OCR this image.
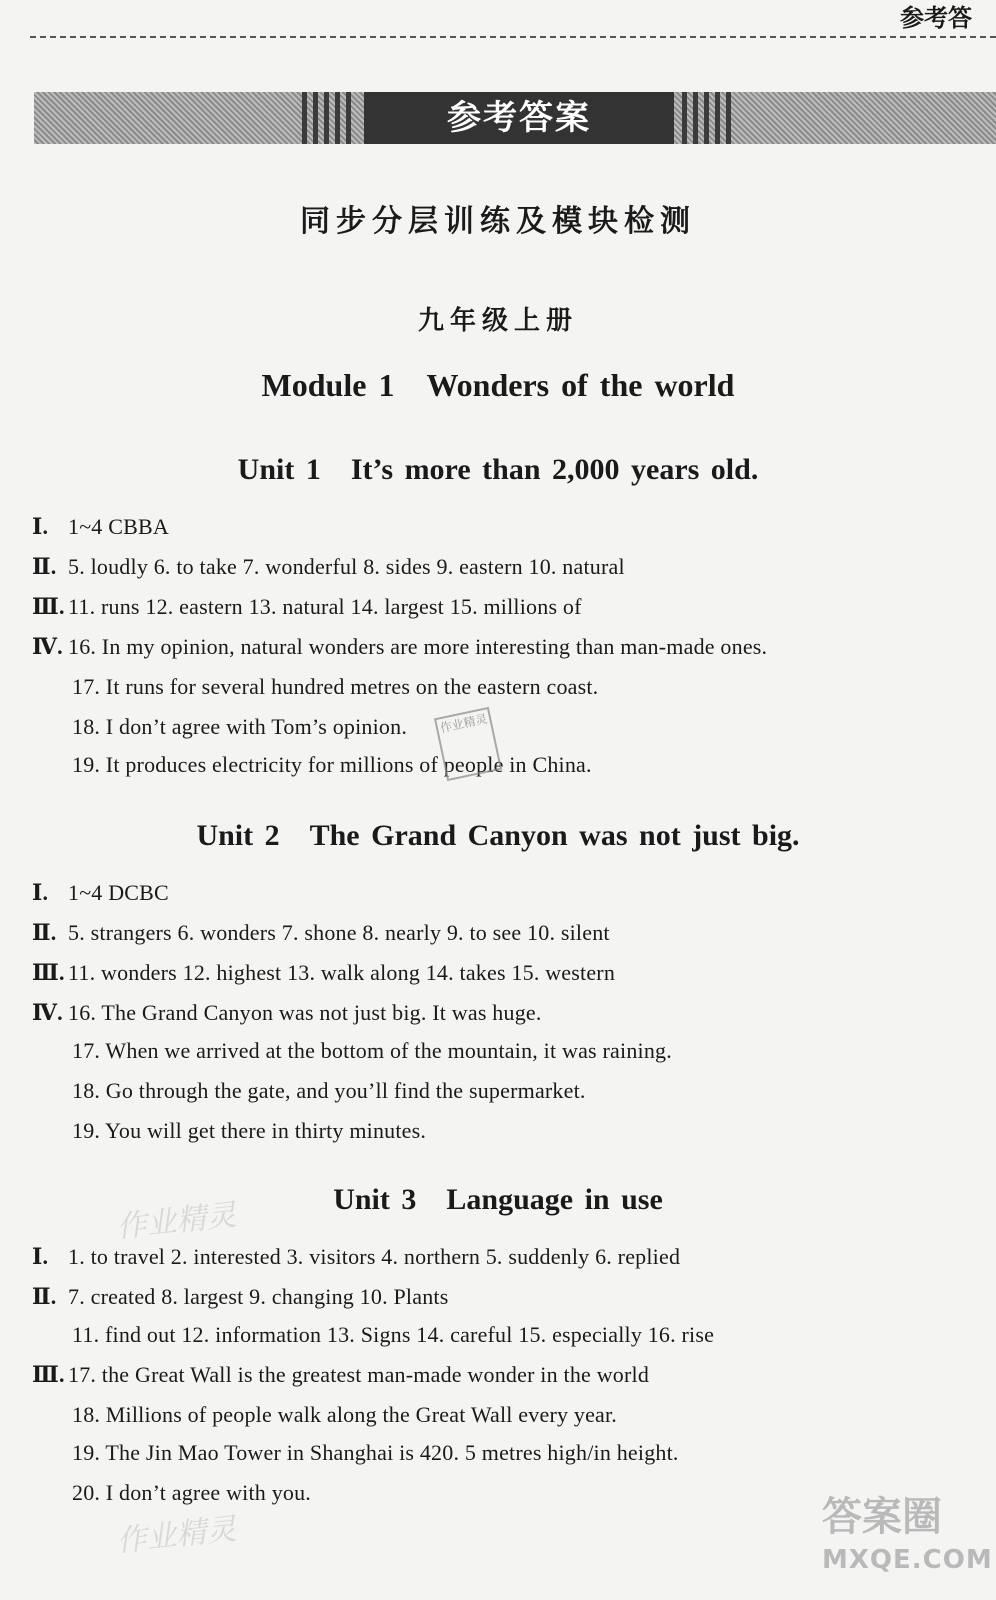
参考答
参考答案
同步分层训练及模块检测
九年级上册
Module 1　Wonders of the world
Unit 1　It’s more than 2,000 years old.
Ⅰ. 1~4 CBBA
Ⅱ. 5. loudly 6. to take 7. wonderful 8. sides 9. eastern 10. natural
Ⅲ. 11. runs 12. eastern 13. natural 14. largest 15. millions of
Ⅳ. 16. In my opinion, natural wonders are more interesting than man-made ones.
17. It runs for several hundred metres on the eastern coast.
18. I don’t agree with Tom’s opinion.
19. It produces electricity for millions of people in China.
Unit 2　The Grand Canyon was not just big.
Ⅰ. 1~4 DCBC
Ⅱ. 5. strangers 6. wonders 7. shone 8. nearly 9. to see 10. silent
Ⅲ. 11. wonders 12. highest 13. walk along 14. takes 15. western
Ⅳ. 16. The Grand Canyon was not just big. It was huge.
17. When we arrived at the bottom of the mountain, it was raining.
18. Go through the gate, and you’ll find the supermarket.
19. You will get there in thirty minutes.
Unit 3　Language in use
Ⅰ. 1. to travel 2. interested 3. visitors 4. northern 5. suddenly 6. replied
Ⅱ. 7. created 8. largest 9. changing 10. Plants
11. find out 12. information 13. Signs 14. careful 15. especially 16. rise
Ⅲ. 17. the Great Wall is the greatest man-made wonder in the world
18. Millions of people walk along the Great Wall every year.
19. The Jin Mao Tower in Shanghai is 420. 5 metres high/in height.
20. I don’t agree with you.
作业精灵
作业精灵
作业精灵	答案圈
MXQE.COM
